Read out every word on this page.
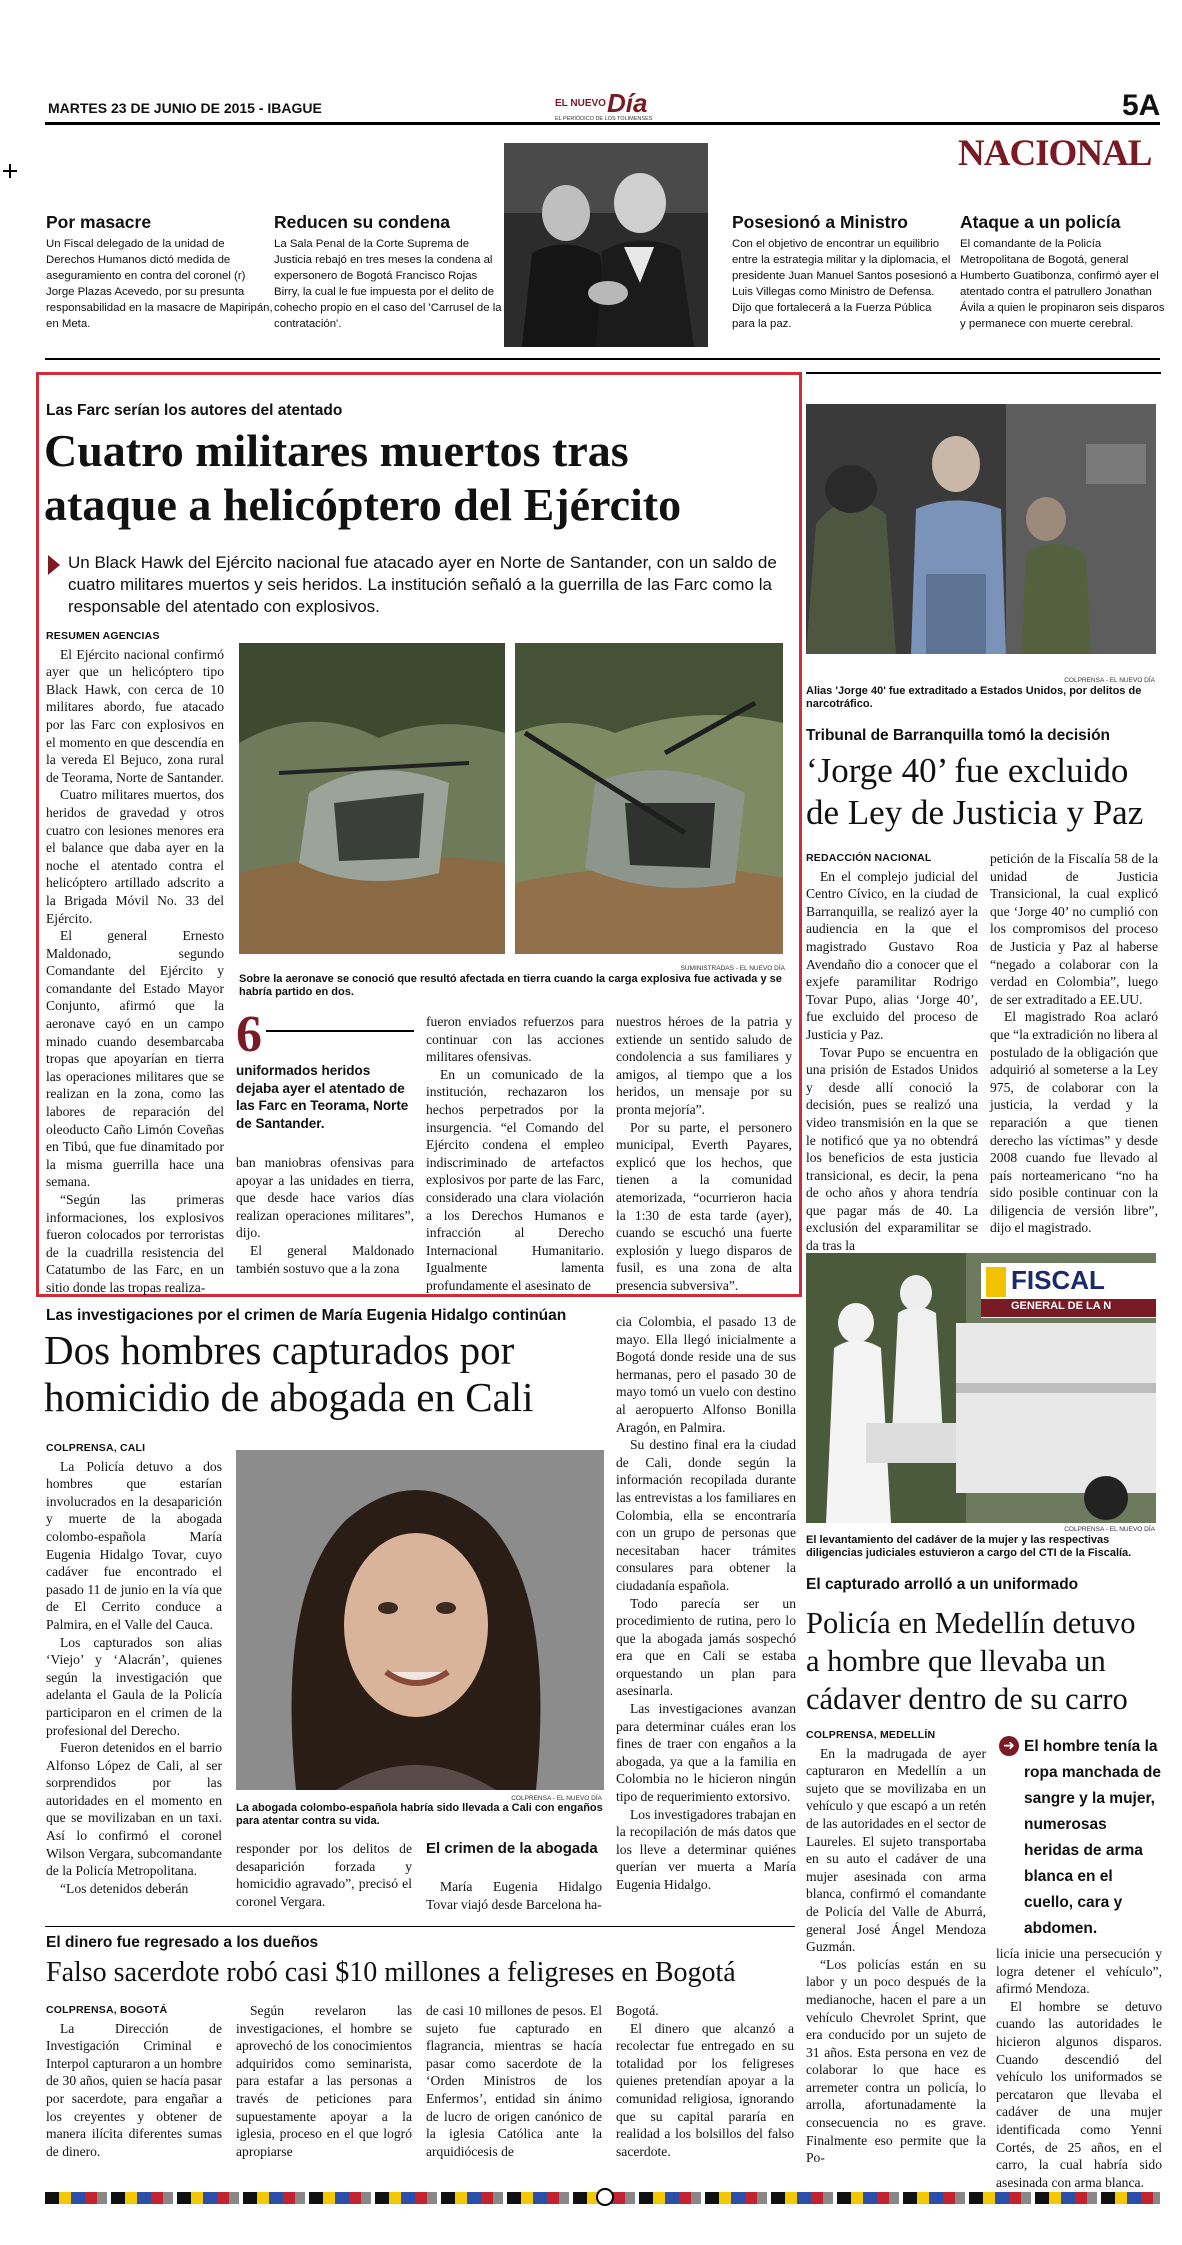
MARTES 23 DE JUNIO DE 2015 - IBAGUE	EL NUEVO Día
EL PERIÓDICO DE LOS TOLIMENSES	5A
NACIONAL
Por masacre

Un Fiscal delegado de la unidad de Derechos Humanos dictó medida de aseguramiento en contra del coronel (r) Jorge Plazas Acevedo, por su presunta responsabilidad en la masacre de Mapiripán, en Meta.

Reducen su condena

La Sala Penal de la Corte Suprema de Justicia rebajó en tres meses la condena al expersonero de Bogotá Francisco Rojas Birry, la cual le fue impuesta por el delito de cohecho propio en el caso del 'Carrusel de la contratación'.

Posesionó a Ministro

Con el objetivo de encontrar un equilibrio entre la estrategia militar y la diplomacia, el presidente Juan Manuel Santos posesionó a Luis Villegas como Ministro de Defensa. Dijo que fortalecerá a la Fuerza Pública para la paz.

Ataque a un policía

El comandante de la Policía Metropolitana de Bogotá, general Humberto Guatibonza, confirmó ayer el atentado contra el patrullero Jonathan Ávila a quien le propinaron seis disparos y permanece con muerte cerebral.

Las Farc serían los autores del atentado
Cuatro militares muertos tras
ataque a helicóptero del Ejército
Un Black Hawk del Ejército nacional fue atacado ayer en Norte de Santander, con un saldo de cuatro militares muertos y seis heridos. La institución señaló a la guerrilla de las Farc como la responsable del atentado con explosivos.

RESUMEN AGENCIAS

El Ejército nacional confirmó ayer que un helicóptero tipo Black Hawk, con cerca de 10 militares abordo, fue atacado por las Farc con explosivos en el momento en que descendía en la vereda El Bejuco, zona rural de Teorama, Norte de Santander.

Cuatro militares muertos, dos heridos de gravedad y otros cuatro con lesiones menores era el balance que daba ayer en la noche el atentado contra el helicóptero artillado adscrito a la Brigada Móvil No. 33 del Ejército.

El general Ernesto Maldonado, segundo Comandante del Ejército y comandante del Estado Mayor Conjunto, afirmó que la aeronave cayó en un campo minado cuando desembarcaba tropas que apoyarían en tierra las operaciones militares que se realizan en la zona, como las labores de reparación del oleoducto Caño Limón Coveñas en Tibú, que fue dinamitado por la misma guerrilla hace una semana.

“Según las primeras informaciones, los explosivos fueron colocados por terroristas de la cuadrilla resistencia del Catatumbo de las Farc, en un sitio donde las tropas realiza-

SUMINISTRADAS - EL NUEVO DÍA
Sobre la aeronave se conoció que resultó afectada en tierra cuando la carga explosiva fue activada y se habría partido en dos.
6
uniformados heridos dejaba ayer el atentado de las Farc en Teorama, Norte de Santander.

ban maniobras ofensivas para apoyar a las unidades en tierra, que desde hace varios días realizan operaciones militares”, dijo.

El general Maldonado también sostuvo que a la zona

fueron enviados refuerzos para continuar con las acciones militares ofensivas.

En un comunicado de la institución, rechazaron los hechos perpetrados por la insurgencia. “el Comando del Ejército condena el empleo indiscriminado de artefactos explosivos por parte de las Farc, considerado una clara violación a los Derechos Humanos e infracción al Derecho Internacional Humanitario. Igualmente lamenta profundamente el asesinato de

nuestros héroes de la patria y extiende un sentido saludo de condolencia a sus familiares y amigos, al tiempo que a los heridos, un mensaje por su pronta mejoría”.

Por su parte, el personero municipal, Everth Payares, explicó que los hechos, que tienen a la comunidad atemorizada, “ocurrieron hacia la 1:30 de esta tarde (ayer), cuando se escuchó una fuerte explosión y luego disparos de fusil, es una zona de alta presencia subversiva”.

COLPRENSA - EL NUEVO DÍA
Alias 'Jorge 40' fue extraditado a Estados Unidos, por delitos de narcotráfico.
Tribunal de Barranquilla tomó la decisión
‘Jorge 40’ fue excluido
de Ley de Justicia y Paz

REDACCIÓN NACIONAL

En el complejo judicial del Centro Cívico, en la ciudad de Barranquilla, se realizó ayer la audiencia en la que el magistrado Gustavo Roa Avendaño dio a conocer que el exjefe paramilitar Rodrigo Tovar Pupo, alias ‘Jorge 40’, fue excluido del proceso de Justicia y Paz.

Tovar Pupo se encuentra en una prisión de Estados Unidos y desde allí conoció la decisión, pues se realizó una video transmisión en la que se le notificó que ya no obtendrá los beneficios de esta justicia transicional, es decir, la pena de ocho años y ahora tendría que pagar más de 40. La exclusión del exparamilitar se da tras la

petición de la Fiscalía 58 de la unidad de Justicia Transicional, la cual explicó que ‘Jorge 40’ no cumplió con los compromisos del proceso de Justicia y Paz al haberse “negado a colaborar con la verdad en Colombia”, luego de ser extraditado a EE.UU.

El magistrado Roa aclaró que “la extradición no libera al postulado de la obligación que adquirió al someterse a la Ley 975, de colaborar con la justicia, la verdad y la reparación a que tienen derecho las víctimas” y desde 2008 cuando fue llevado al país norteamericano “no ha sido posible continuar con la diligencia de versión libre”, dijo el magistrado.

Las investigaciones por el crimen de María Eugenia Hidalgo continúan
Dos hombres capturados por
homicidio de abogada en Cali

COLPRENSA, CALI

La Policía detuvo a dos hombres que estarían involucrados en la desaparición y muerte de la abogada colombo-española María Eugenia Hidalgo Tovar, cuyo cadáver fue encontrado el pasado 11 de junio en la vía que de El Cerrito conduce a Palmira, en el Valle del Cauca.

Los capturados son alias ‘Viejo’ y ‘Alacrán’, quienes según la investigación que adelanta el Gaula de la Policía participaron en el crimen de la profesional del Derecho.

Fueron detenidos en el barrio Alfonso López de Cali, al ser sorprendidos por las autoridades en el momento en que se movilizaban en un taxi. Así lo confirmó el coronel Wilson Vergara, subcomandante de la Policía Metropolitana.

“Los detenidos deberán

COLPRENSA - EL NUEVO DÍA
La abogada colombo-española habría sido llevada a Cali con engaños para atentar contra su vida.

responder por los delitos de desaparición forzada y homicidio agravado”, precisó el coronel Vergara.

El crimen de la abogada

María Eugenia Hidalgo Tovar viajó desde Barcelona ha-

cia Colombia, el pasado 13 de mayo. Ella llegó inicialmente a Bogotá donde reside una de sus hermanas, pero el pasado 30 de mayo tomó un vuelo con destino al aeropuerto Alfonso Bonilla Aragón, en Palmira.

Su destino final era la ciudad de Cali, donde según la información recopilada durante las entrevistas a los familiares en Colombia, ella se encontraría con un grupo de personas que necesitaban hacer trámites consulares para obtener la ciudadanía española.

Todo parecía ser un procedimiento de rutina, pero lo que la abogada jamás sospechó era que en Cali se estaba orquestando un plan para asesinarla.

Las investigaciones avanzan para determinar cuáles eran los fines de traer con engaños a la abogada, ya que a la familia en Colombia no le hicieron ningún tipo de requerimiento extorsivo.

Los investigadores trabajan en la recopilación de más datos que los lleve a determinar quiénes querían ver muerta a María Eugenia Hidalgo.

FISCAL
GENERAL DE LA N
COLPRENSA - EL NUEVO DÍA
El levantamiento del cadáver de la mujer y las respectivas diligencias judiciales estuvieron a cargo del CTI de la Fiscalía.
El capturado arrolló a un uniformado
Policía en Medellín detuvo
a hombre que llevaba un
cádaver dentro de su carro

COLPRENSA, MEDELLÍN

En la madrugada de ayer capturaron en Medellín a un sujeto que se movilizaba en un vehículo y que escapó a un retén de las autoridades en el sector de Laureles. El sujeto transportaba en su auto el cadáver de una mujer asesinada con arma blanca, confirmó el comandante de Policía del Valle de Aburrá, general José Ángel Mendoza Guzmán.

“Los policías están en su labor y un poco después de la medianoche, hacen el pare a un vehículo Chevrolet Sprint, que era conducido por un sujeto de 31 años. Esta persona en vez de colaborar lo que hace es arremeter contra un policía, lo arrolla, afortunadamente la consecuencia no es grave. Finalmente eso permite que la Po-

➜ El hombre tenía la ropa manchada de sangre y la mujer, numerosas heridas de arma blanca en el cuello, cara y abdomen.

licía inicie una persecución y logra detener el vehículo”, afirmó Mendoza.

El hombre se detuvo cuando las autoridades le hicieron algunos disparos. Cuando descendió del vehículo los uniformados se percataron que llevaba el cadáver de una mujer identificada como Yenni Cortés, de 25 años, en el carro, la cual habría sido asesinada con arma blanca.

El dinero fue regresado a los dueños
Falso sacerdote robó casi $10 millones a feligreses en Bogotá

COLPRENSA, BOGOTÁ

La Dirección de Investigación Criminal e Interpol capturaron a un hombre de 30 años, quien se hacía pasar por sacerdote, para engañar a los creyentes y obtener de manera ilícita diferentes sumas de dinero.

Según revelaron las investigaciones, el hombre se aprovechó de los conocimientos adquiridos como seminarista, para estafar a las personas a través de peticiones para supuestamente apoyar a la iglesia, proceso en el que logró apropiarse

de casi 10 millones de pesos. El sujeto fue capturado en flagrancia, mientras se hacía pasar como sacerdote de la ‘Orden Ministros de los Enfermos’, entidad sin ánimo de lucro de origen canónico de la iglesia Católica ante la arquidiócesis de

Bogotá.

El dinero que alcanzó a recolectar fue entregado en su totalidad por los feligreses quienes pretendían apoyar a la comunidad religiosa, ignorando que su capital pararía en realidad a los bolsillos del falso sacerdote.
